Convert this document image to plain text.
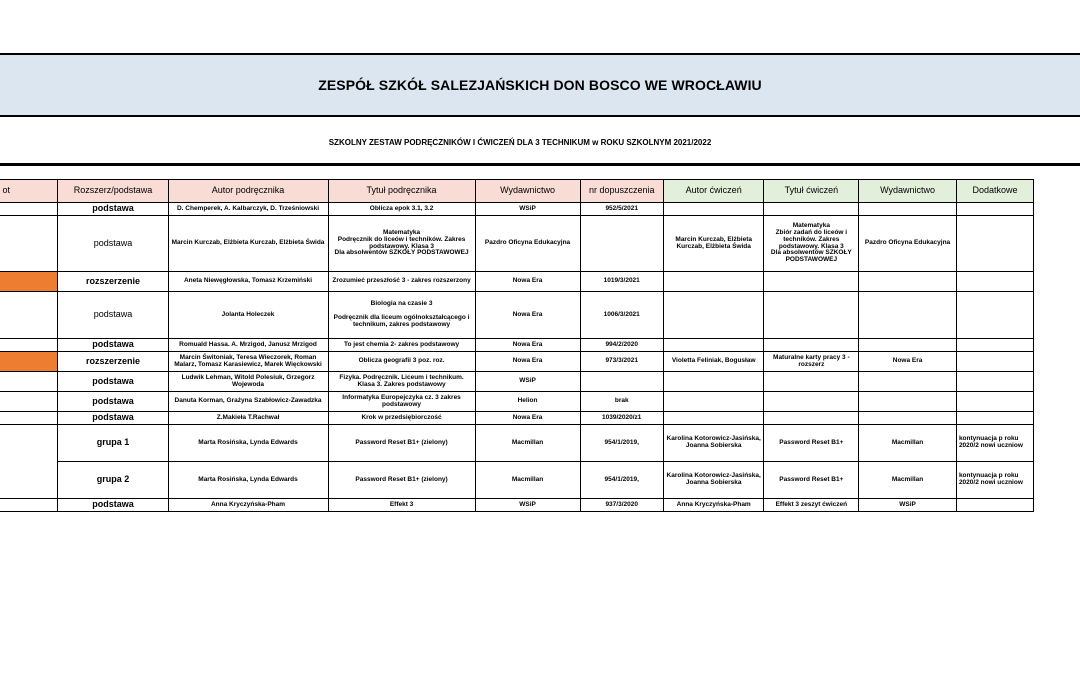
ZESPÓŁ SZKÓŁ SALEZJAŃSKICH DON BOSCO WE WROCŁAWIU
SZKOLNY ZESTAW PODRĘCZNIKÓW I ĆWICZEŃ DLA 3 TECHNIKUM w ROKU SZKOLNYM 2021/2022
ot	Rozszerz/podstawa	Autor podręcznika	Tytuł podręcznika	Wydawnictwo	nr dopuszczenia	Autor ćwiczeń	Tytuł ćwiczeń	Wydawnictwo	Dodatkowe
	podstawa	D. Chemperek, A. Kalbarczyk, D. Trześniowski	Oblicza epok 3.1, 3.2	WSiP	952/5/2021				
	podstawa	Marcin Kurczab, Elżbieta Kurczab, Elżbieta Świda	Matematyka
Podręcznik do liceów i techników. Zakres podstawowy. Klasa 3
Dla absolwentów SZKOŁY PODSTAWOWEJ	Pazdro Oficyna Edukacyjna		Marcin Kurczab, Elżbieta Kurczab, Elżbieta Świda	Matematyka
Zbiór zadań do liceów i techników. Zakres podstawowy. Klasa 3
Dla absolwentów SZKOŁY PODSTAWOWEJ	Pazdro Oficyna Edukacyjna	
	rozszerzenie	Aneta Niewęgłowska, Tomasz Krzemiński	Zrozumieć przeszłość 3 - zakres rozszerzony	Nowa Era	1019/3/2021				
	podstawa	Jolanta Holeczek	Biologia na czasie 3

Podręcznik dla liceum ogólnokształcącego i technikum, zakres podstawowy	Nowa Era	1006/3/2021				
	podstawa	Romuald Hassa. A. Mrzigod, Janusz Mrzigod	To jest chemia 2- zakres podstawowy	Nowa Era	994/2/2020				
	rozszerzenie	Marcin Świtoniak, Teresa Wieczorek, Roman Malarz, Tomasz Karasiewicz, Marek Więckowski	Oblicza geografii 3 poz. roz.	Nowa Era	973/3/2021	Violetta Feliniak, Bogusław	Maturalne karty pracy 3 - rozszerz	Nowa Era	
	podstawa	Ludwik Lehman, Witold Polesiuk, Grzegorz Wojewoda	Fizyka. Podręcznik. Liceum i technikum. Klasa 3. Zakres podstawowy	WSiP					
	podstawa	Danuta Korman, Grażyna Szabłowicz-Zawadzka	Informatyka Europejczyka cz. 3 zakres podstawowy	Helion	brak				
	podstawa	Z.Makieła T.Rachwał	Krok w przedsiębiorczość	Nowa Era	1039/2020/z1				
	grupa 1	Marta Rosińska, Lynda Edwards	Password Reset B1+ (zielony)	Macmillan	954/1/2019,	Karolina Kotorowicz-Jasińska, Joanna Sobierska	Password Reset B1+	Macmillan	kontynuacja p roku 2020/2 nowi uczniow
	grupa 2	Marta Rosińska, Lynda Edwards	Password Reset B1+ (zielony)	Macmillan	954/1/2019,	Karolina Kotorowicz-Jasińska, Joanna Sobierska	Password Reset B1+	Macmillan	kontynuacja p roku 2020/2 nowi uczniow
	podstawa	Anna Kryczyńska-Pham	Effekt 3	WSiP	937/3/2020	Anna Kryczyńska-Pham	Effekt 3 zeszyt ćwiczeń	WSiP	
